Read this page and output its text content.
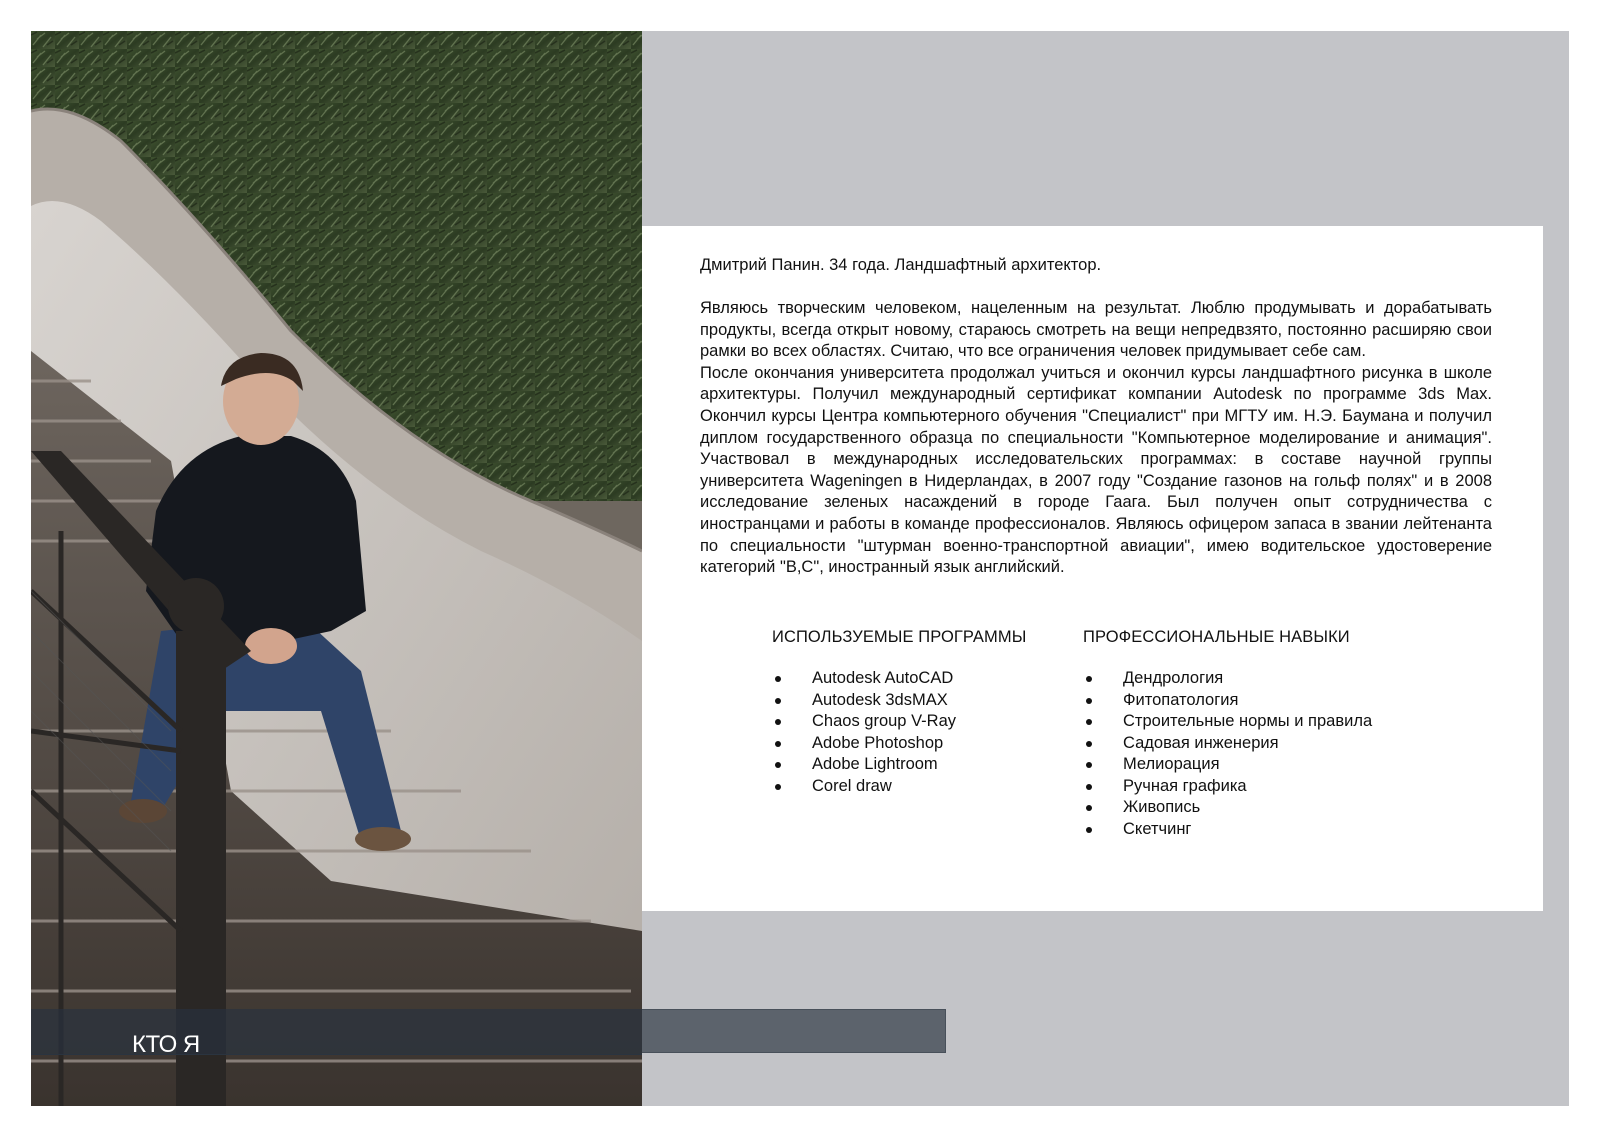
Дмитрий Панин. 34 года. Ландшафтный архитектор.

Являюсь творческим человеком, нацеленным на результат. Люблю продумывать и дорабатывать продукты, всегда открыт новому, стараюсь смотреть на вещи непредвзято, постоянно расширяю свои рамки во всех областях. Считаю, что все ограничения человек придумывает себе сам.

После окончания университета продолжал учиться и окончил курсы ландшафтного рисунка в школе архитектуры. Получил международный сертификат компании Autodesk по программе 3ds Max. Окончил курсы Центра компьютерного обучения "Специалист" при МГТУ им. Н.Э. Баумана и получил диплом государственного образца по специальности "Компьютерное моделирование и анимация". Участвовал в международных исследовательских программах: в составе научной группы университета Wageningen в Нидерландах, в 2007 году "Создание газонов на гольф полях" и в 2008 исследование зеленых насаждений в городе Гаага. Был получен опыт сотрудничества с иностранцами и работы в команде профессионалов. Являюсь офицером запаса в звании лейтенанта по специальности "штурман военно-транспортной авиации", имею водительское удостоверение категорий "В,С", иностранный язык английский.

ИСПОЛЬЗУЕМЫЕ ПРОГРАММЫ
Autodesk AutoCAD
Autodesk 3dsMAX
Chaos group V-Ray
Adobe Photoshop
Adobe Lightroom
Corel draw
ПРОФЕССИОНАЛЬНЫЕ НАВЫКИ
Дендрология
Фитопатология
Строительные нормы и правила
Садовая инженерия
Мелиорация
Ручная графика
Живопись
Скетчинг
КТО Я
